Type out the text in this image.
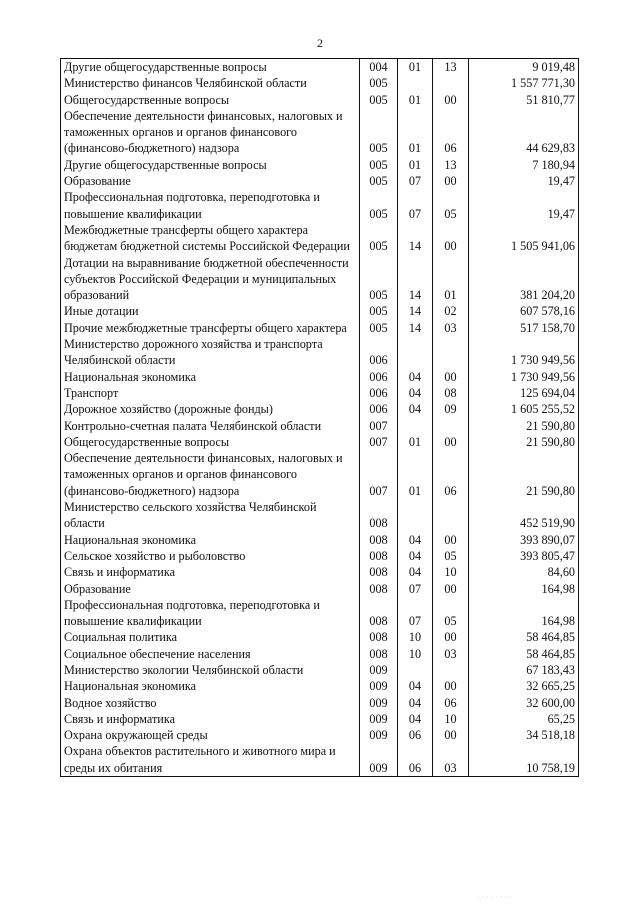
2
Другие общегосударственные вопросы	004	01	13	9 019,48
Министерство финансов Челябинской области	005			1 557 771,30
Общегосударственные вопросы	005	01	00	51 810,77
Обеспечение деятельности финансовых, налоговых и таможенных органов и органов финансового (финансово-бюджетного) надзора	005	01	06	44 629,83
Другие общегосударственные вопросы	005	01	13	7 180,94
Образование	005	07	00	19,47
Профессиональная подготовка, переподготовка и повышение квалификации	005	07	05	19,47
Межбюджетные трансферты общего характера бюджетам бюджетной системы Российской Федерации	005	14	00	1 505 941,06
Дотации на выравнивание бюджетной обеспеченности субъектов Российской Федерации и муниципальных образований	005	14	01	381 204,20
Иные дотации	005	14	02	607 578,16
Прочие межбюджетные трансферты общего характера	005	14	03	517 158,70
Министерство дорожного хозяйства и транспорта Челябинской области	006			1 730 949,56
Национальная экономика	006	04	00	1 730 949,56
Транспорт	006	04	08	125 694,04
Дорожное хозяйство (дорожные фонды)	006	04	09	1 605 255,52
Контрольно-счетная палата Челябинской области	007			21 590,80
Общегосударственные вопросы	007	01	00	21 590,80
Обеспечение деятельности финансовых, налоговых и таможенных органов и органов финансового (финансово-бюджетного) надзора	007	01	06	21 590,80
Министерство сельского хозяйства Челябинской области	008			452 519,90
Национальная экономика	008	04	00	393 890,07
Сельское хозяйство и рыболовство	008	04	05	393 805,47
Связь и информатика	008	04	10	84,60
Образование	008	07	00	164,98
Профессиональная подготовка, переподготовка и повышение квалификации	008	07	05	164,98
Социальная политика	008	10	00	58 464,85
Социальное обеспечение населения	008	10	03	58 464,85
Министерство экологии Челябинской области	009			67 183,43
Национальная экономика	009	04	00	32 665,25
Водное хозяйство	009	04	06	32 600,00
Связь и информатика	009	04	10	65,25
Охрана окружающей среды	009	06	00	34 518,18
Охрана объектов растительного и животного мира и среды их обитания	009	06	03	10 758,19
........
